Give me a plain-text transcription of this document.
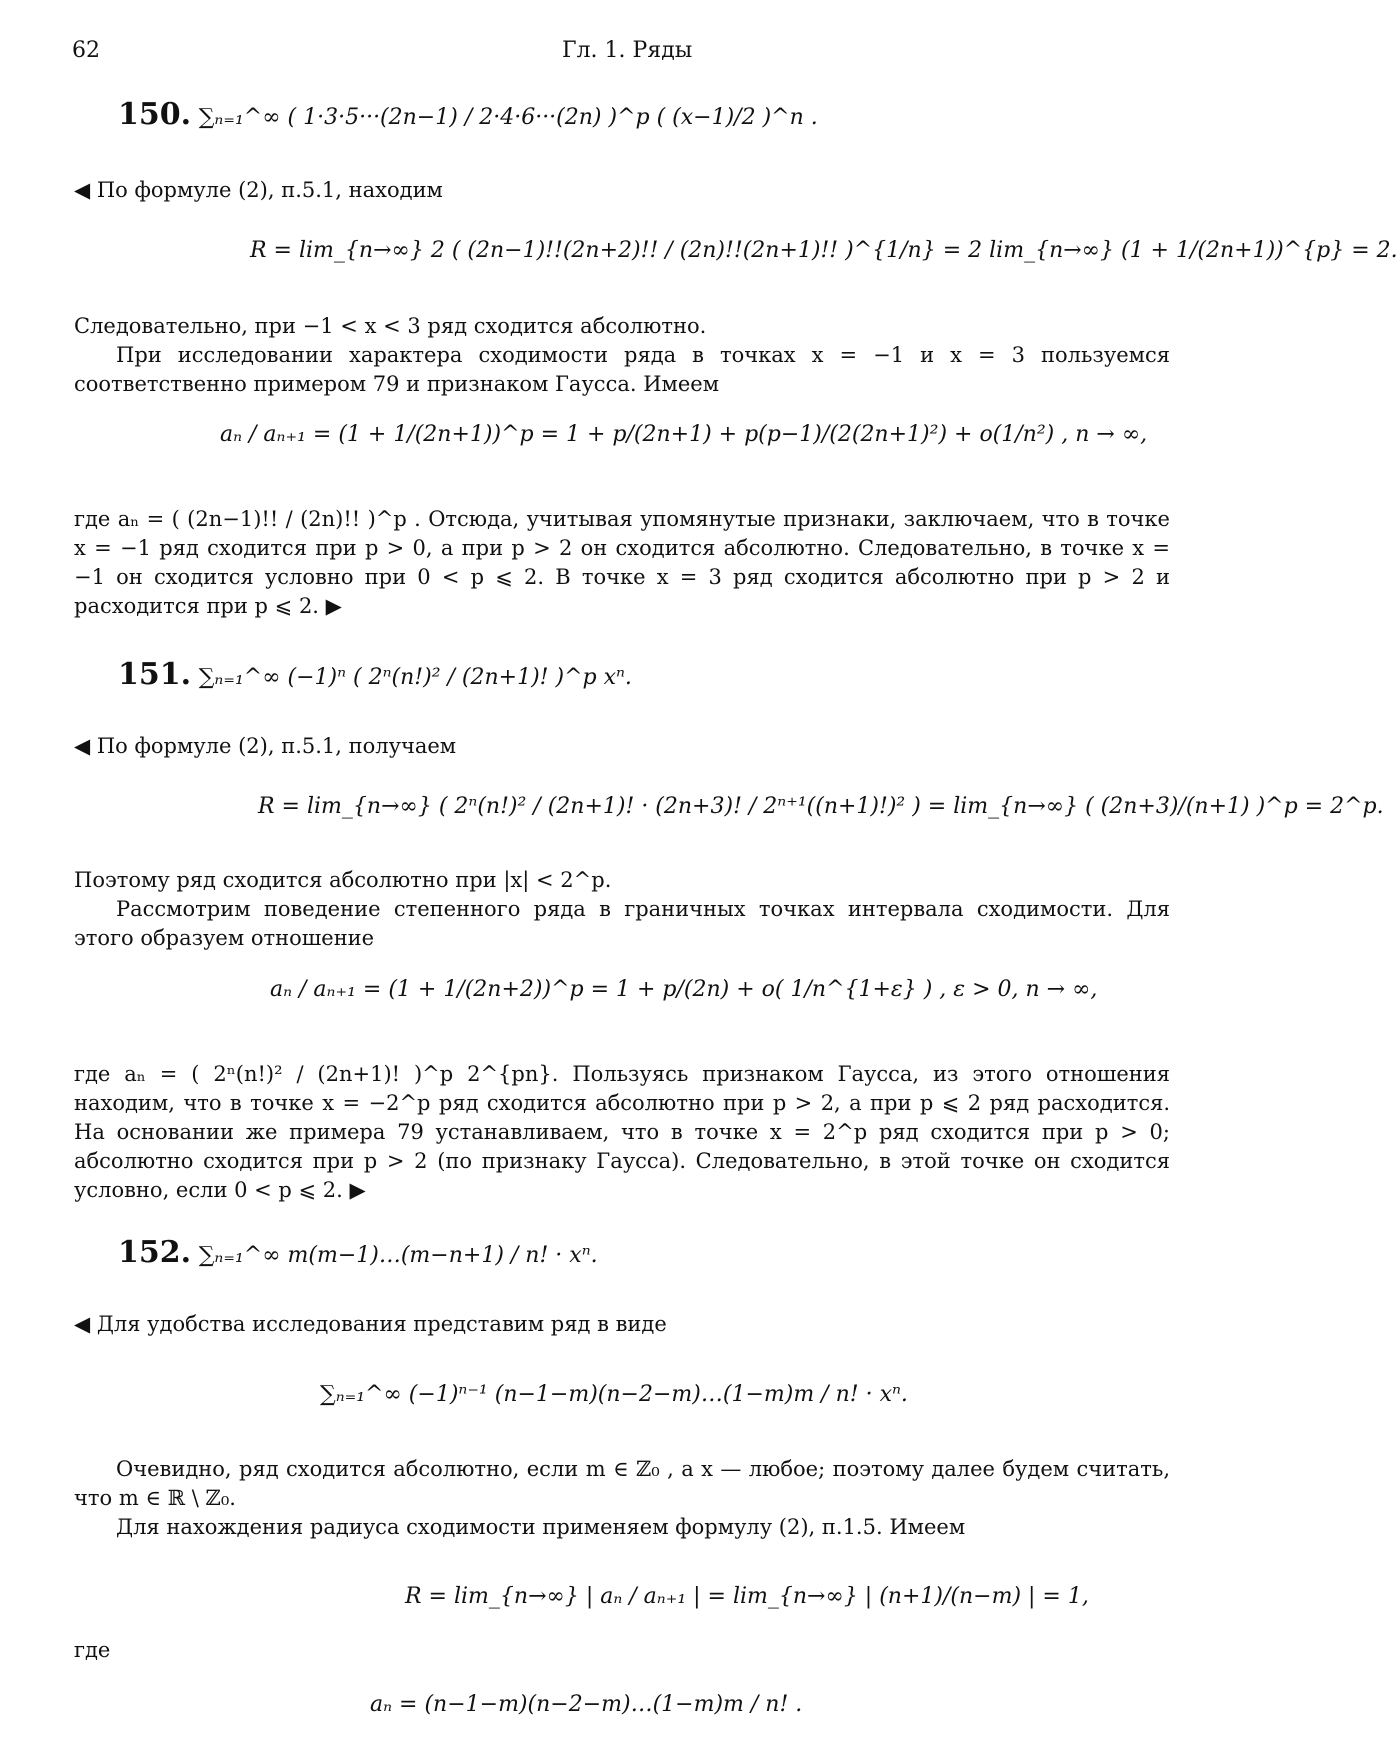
62	Гл. 1. Ряды
150. ∑ₙ₌₁^∞ ( 1·3·5···(2n−1) / 2·4·6···(2n) )^p ( (x−1)/2 )^n .
◀ По формуле (2), п.5.1, находим
R = lim_{n→∞} 2 ( (2n−1)!!(2n+2)!! / (2n)!!(2n+1)!! )^{1/n} = 2 lim_{n→∞} (1 + 1/(2n+1))^{p} = 2.
Следовательно, при −1 < x < 3 ряд сходится абсолютно.
При исследовании характера сходимости ряда в точках x = −1 и x = 3 пользуемся соответственно примером 79 и признаком Гаусса. Имеем
aₙ / aₙ₊₁ = (1 + 1/(2n+1))^p = 1 + p/(2n+1) + p(p−1)/(2(2n+1)²) + o(1/n²) , n → ∞,
где aₙ = ( (2n−1)!! / (2n)!! )^p . Отсюда, учитывая упомянутые признаки, заключаем, что в точке x = −1 ряд сходится при p > 0, а при p > 2 он сходится абсолютно. Следовательно, в точке x = −1 он сходится условно при 0 < p ⩽ 2. В точке x = 3 ряд сходится абсолютно при p > 2 и расходится при p ⩽ 2. ▶
151. ∑ₙ₌₁^∞ (−1)ⁿ ( 2ⁿ(n!)² / (2n+1)! )^p xⁿ.
◀ По формуле (2), п.5.1, получаем
R = lim_{n→∞} ( 2ⁿ(n!)² / (2n+1)! · (2n+3)! / 2ⁿ⁺¹((n+1)!)² ) = lim_{n→∞} ( (2n+3)/(n+1) )^p = 2^p.
Поэтому ряд сходится абсолютно при |x| < 2^p.
Рассмотрим поведение степенного ряда в граничных точках интервала сходимости. Для этого образуем отношение
aₙ / aₙ₊₁ = (1 + 1/(2n+2))^p = 1 + p/(2n) + o( 1/n^{1+ε} ) , ε > 0, n → ∞,
где aₙ = ( 2ⁿ(n!)² / (2n+1)! )^p 2^{pn}. Пользуясь признаком Гаусса, из этого отношения находим, что в точке x = −2^p ряд сходится абсолютно при p > 2, а при p ⩽ 2 ряд расходится. На основании же примера 79 устанавливаем, что в точке x = 2^p ряд сходится при p > 0; абсолютно сходится при p > 2 (по признаку Гаусса). Следовательно, в этой точке он сходится условно, если 0 < p ⩽ 2. ▶
152. ∑ₙ₌₁^∞ m(m−1)…(m−n+1) / n! · xⁿ.
◀ Для удобства исследования представим ряд в виде
∑ₙ₌₁^∞ (−1)ⁿ⁻¹ (n−1−m)(n−2−m)…(1−m)m / n! · xⁿ.
Очевидно, ряд сходится абсолютно, если m ∈ ℤ₀ , а x — любое; поэтому далее будем считать, что m ∈ ℝ \ ℤ₀.
Для нахождения радиуса сходимости применяем формулу (2), п.1.5. Имеем
R = lim_{n→∞} | aₙ / aₙ₊₁ | = lim_{n→∞} | (n+1)/(n−m) | = 1,
где
aₙ = (n−1−m)(n−2−m)…(1−m)m / n! .
